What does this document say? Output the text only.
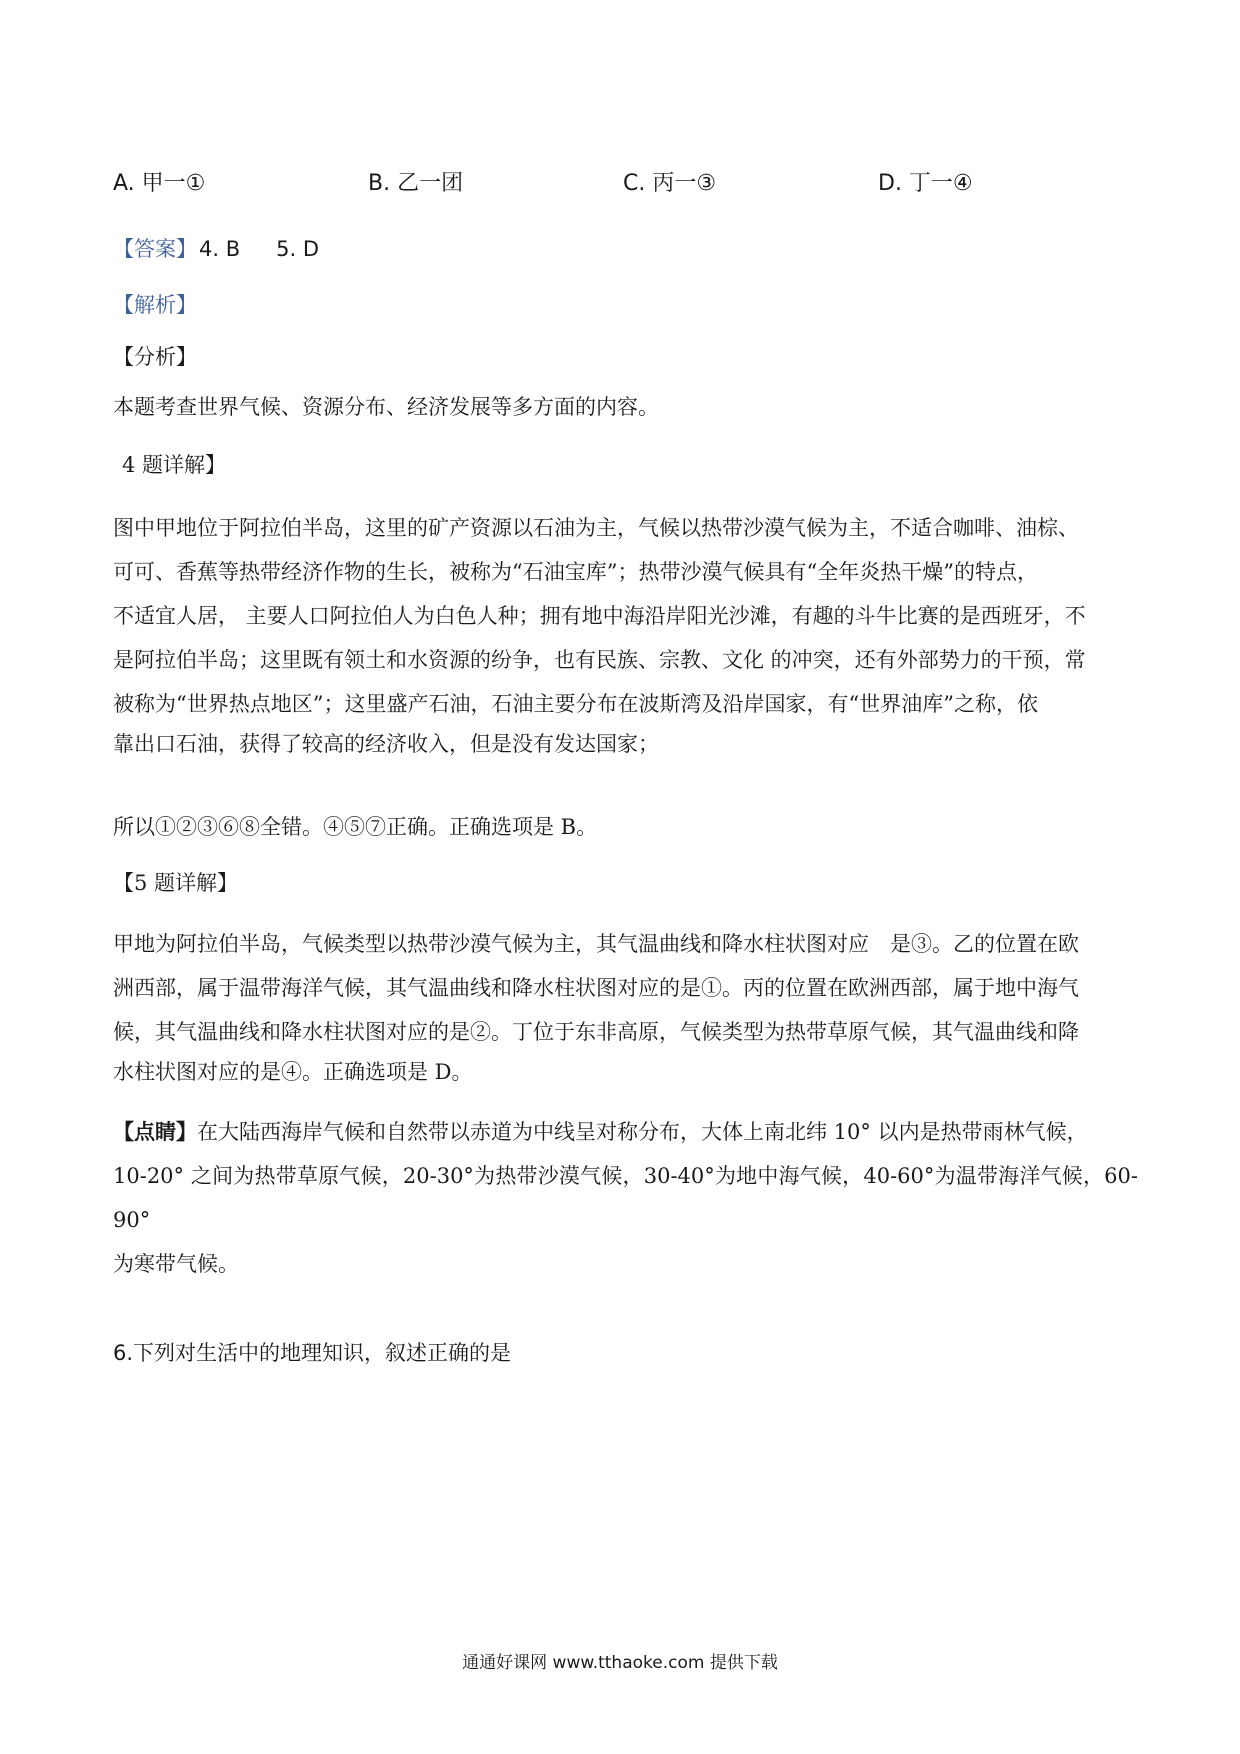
A. 甲一①	B. 乙一团	C. 丙一③	D. 丁一④
【答案】4. B 5. D
【解析】
【分析】
本题考查世界气候、资源分布、经济发展等多方面的内容。
4 题详解】
图中甲地位于阿拉伯半岛，这里的矿产资源以石油为主，气候以热带沙漠气候为主，不适合咖啡、油棕、
可可、香蕉等热带经济作物的生长，被称为“石油宝库”；热带沙漠气候具有“全年炎热干燥”的特点，
不适宜人居， 主要人口阿拉伯人为白色人种；拥有地中海沿岸阳光沙滩，有趣的斗牛比赛的是西班牙，不
是阿拉伯半岛；这里既有领土和水资源的纷争，也有民族、宗教、文化 的冲突，还有外部势力的干预，常
被称为“世界热点地区”；这里盛产石油，石油主要分布在波斯湾及沿岸国家，有“世界油库”之称，依
靠出口石油，获得了较高的经济收入，但是没有发达国家；
所以①②③⑥⑧全错。④⑤⑦正确。正确选项是 B。
【5 题详解】
甲地为阿拉伯半岛，气候类型以热带沙漠气候为主，其气温曲线和降水柱状图对应　是③。乙的位置在欧
洲西部，属于温带海洋气候，其气温曲线和降水柱状图对应的是①。丙的位置在欧洲西部，属于地中海气
候，其气温曲线和降水柱状图对应的是②。丁位于东非高原，气候类型为热带草原气候，其气温曲线和降
水柱状图对应的是④。正确选项是 D。
【点睛】在大陆西海岸气候和自然带以赤道为中线呈对称分布，大体上南北纬 10° 以内是热带雨林气候，
10-20° 之间为热带草原气候，20-30°为热带沙漠气候，30-40°为地中海气候，40-60°为温带海洋气候，60-90°
为寒带气候。
6.下列对生活中的地理知识，叙述正确的是
通通好课网 www.tthaoke.com 提供下载
